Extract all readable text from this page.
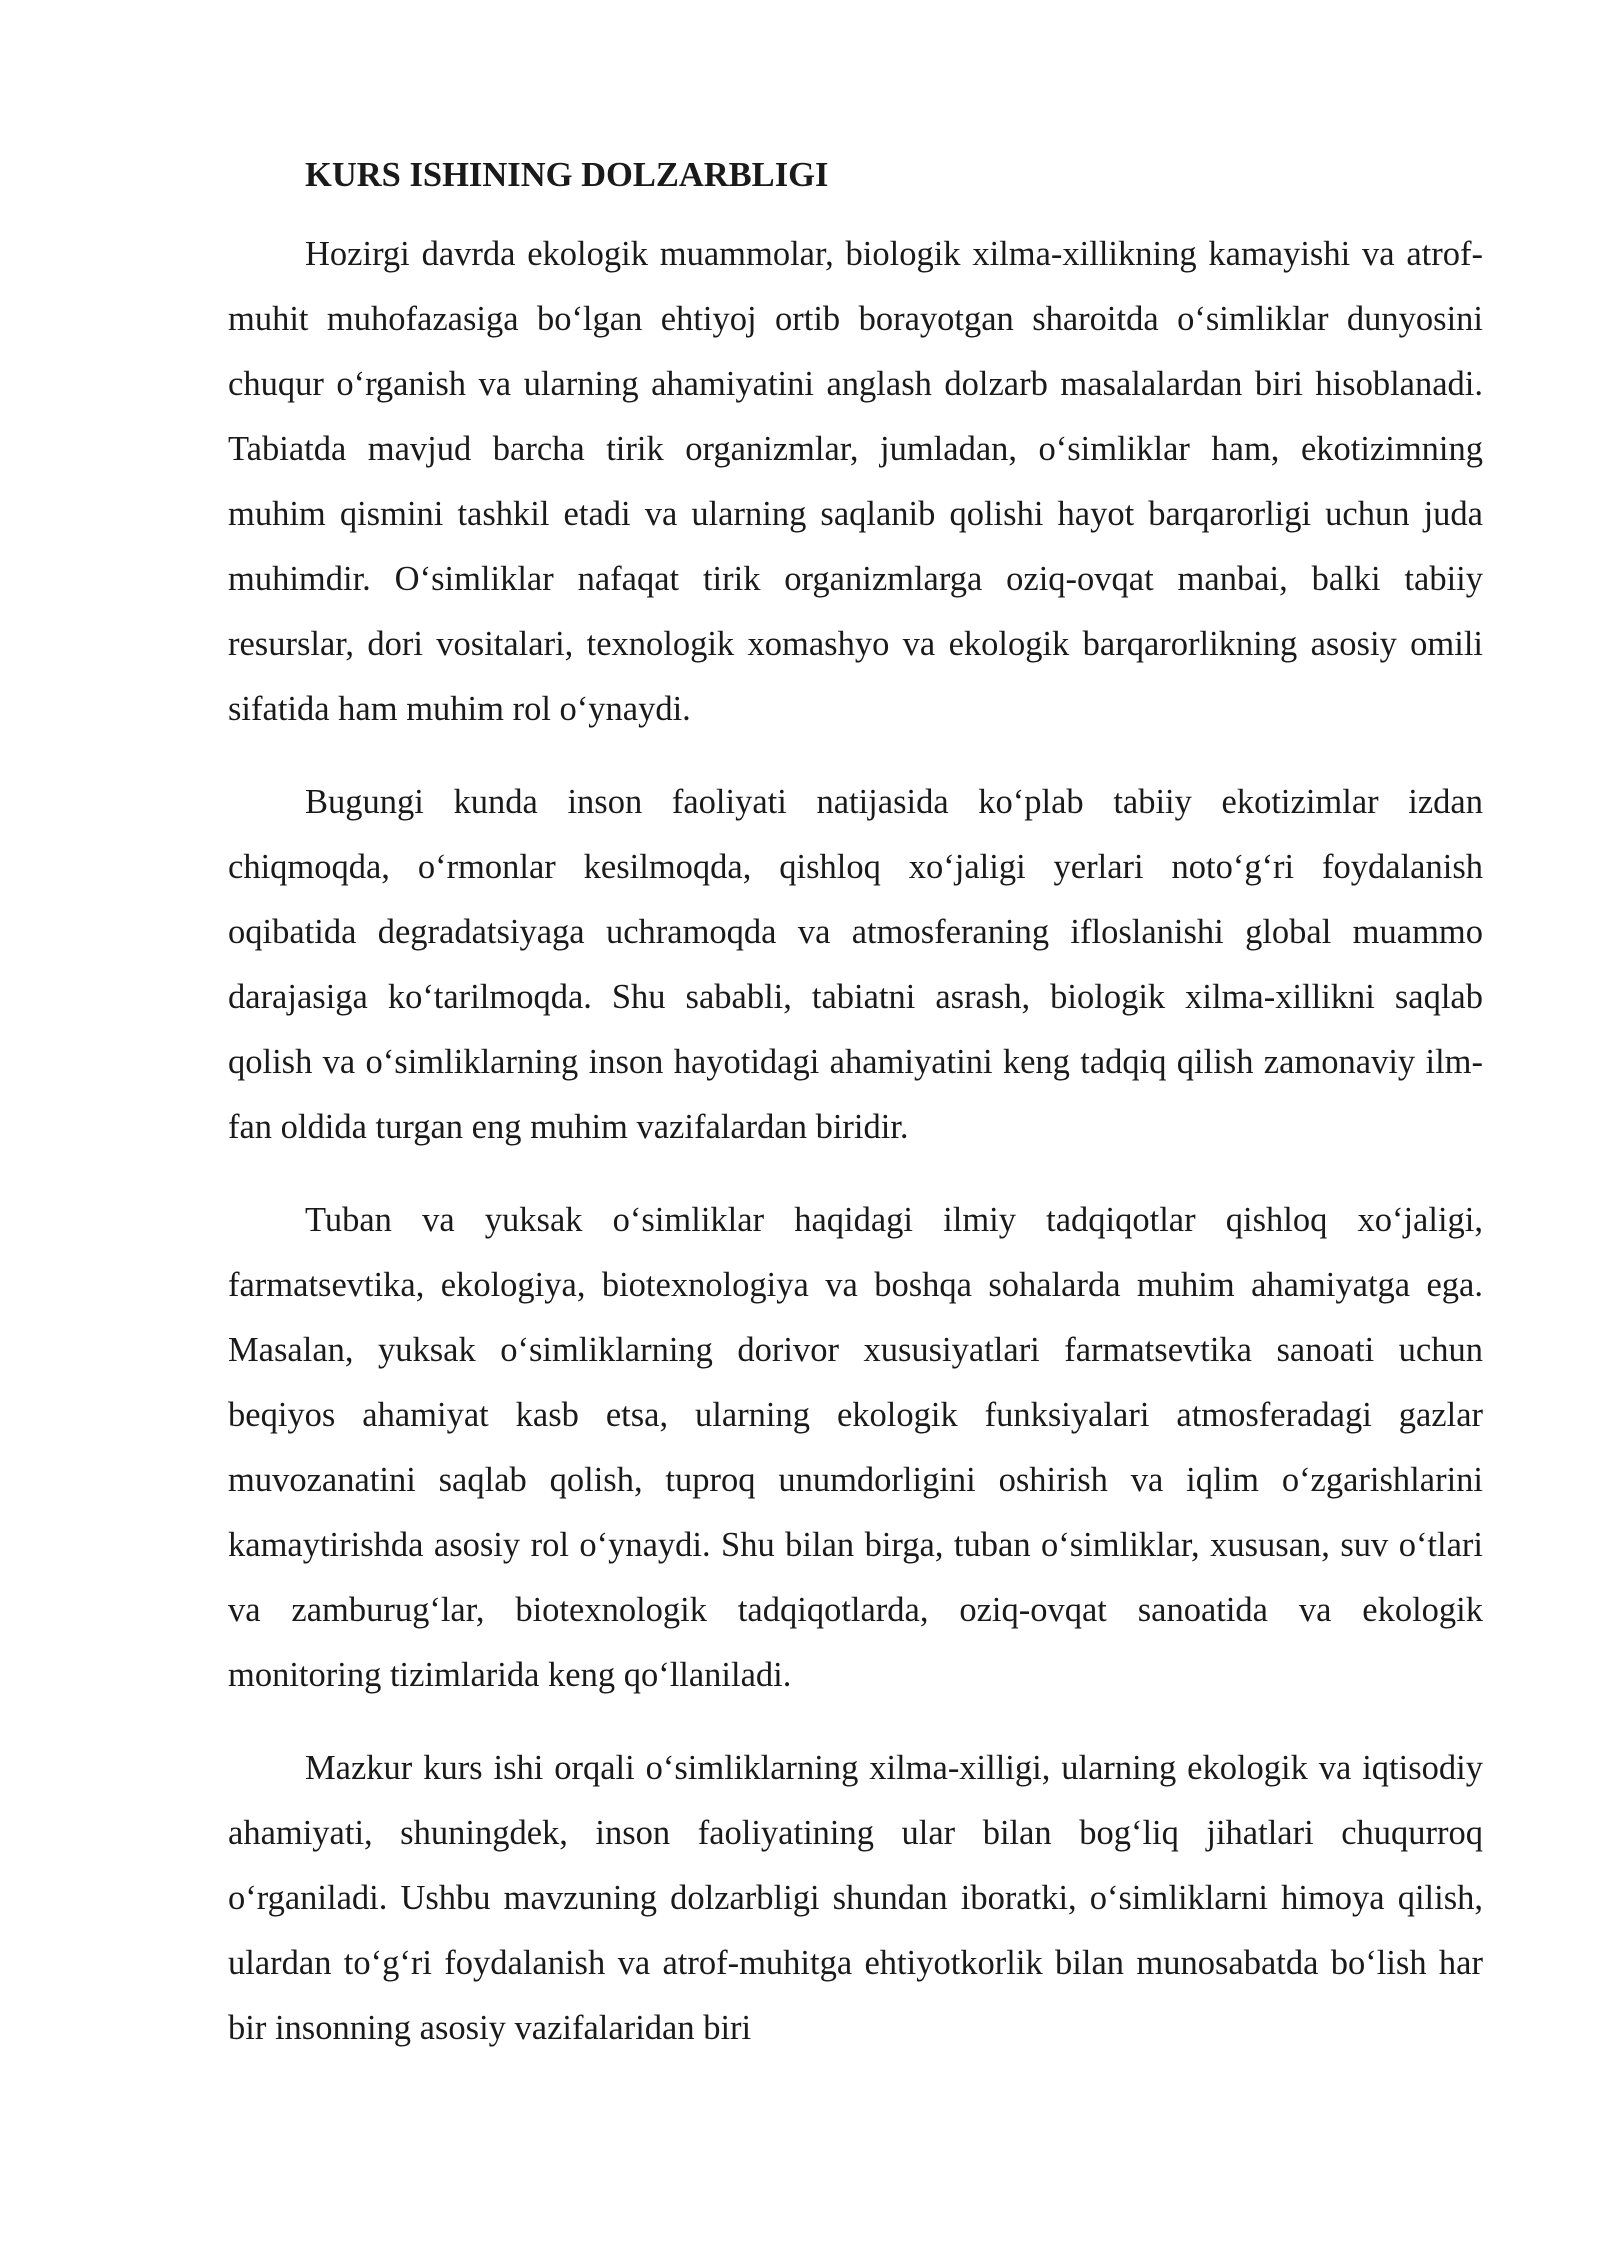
KURS ISHINING DOLZARBLIGI

Hozirgi davrda ekologik muammolar, biologik xilma-xillikning kamayishi va atrof-muhit muhofazasiga boʻlgan ehtiyoj ortib borayotgan sharoitda oʻsimliklar dunyosini chuqur oʻrganish va ularning ahamiyatini anglash dolzarb masalalardan biri hisoblanadi. Tabiatda mavjud barcha tirik organizmlar, jumladan, oʻsimliklar ham, ekotizimning muhim qismini tashkil etadi va ularning saqlanib qolishi hayot barqarorligi uchun juda muhimdir. Oʻsimliklar nafaqat tirik organizmlarga oziq-ovqat manbai, balki tabiiy resurslar, dori vositalari, texnologik xomashyo va ekologik barqarorlikning asosiy omili sifatida ham muhim rol oʻynaydi.

Bugungi kunda inson faoliyati natijasida koʻplab tabiiy ekotizimlar izdan chiqmoqda, oʻrmonlar kesilmoqda, qishloq xoʻjaligi yerlari notoʻgʻri foydalanish oqibatida degradatsiyaga uchramoqda va atmosferaning ifloslanishi global muammo darajasiga koʻtarilmoqda. Shu sababli, tabiatni asrash, biologik xilma-xillikni saqlab qolish va oʻsimliklarning inson hayotidagi ahamiyatini keng tadqiq qilish zamonaviy ilm-fan oldida turgan eng muhim vazifalardan biridir.

Tuban va yuksak oʻsimliklar haqidagi ilmiy tadqiqotlar qishloq xoʻjaligi, farmatsevtika, ekologiya, biotexnologiya va boshqa sohalarda muhim ahamiyatga ega. Masalan, yuksak oʻsimliklarning dorivor xususiyatlari farmatsevtika sanoati uchun beqiyos ahamiyat kasb etsa, ularning ekologik funksiyalari atmosferadagi gazlar muvozanatini saqlab qolish, tuproq unumdorligini oshirish va iqlim oʻzgarishlarini kamaytirishda asosiy rol oʻynaydi. Shu bilan birga, tuban oʻsimliklar, xususan, suv oʻtlari va zamburugʻlar, biotexnologik tadqiqotlarda, oziq-ovqat sanoatida va ekologik monitoring tizimlarida keng qoʻllaniladi.

Mazkur kurs ishi orqali oʻsimliklarning xilma-xilligi, ularning ekologik va iqtisodiy ahamiyati, shuningdek, inson faoliyatining ular bilan bogʻliq jihatlari chuqurroq oʻrganiladi. Ushbu mavzuning dolzarbligi shundan iboratki, oʻsimliklarni himoya qilish, ulardan toʻgʻri foydalanish va atrof-muhitga ehtiyotkorlik bilan munosabatda boʻlish har bir insonning asosiy vazifalaridan biri
